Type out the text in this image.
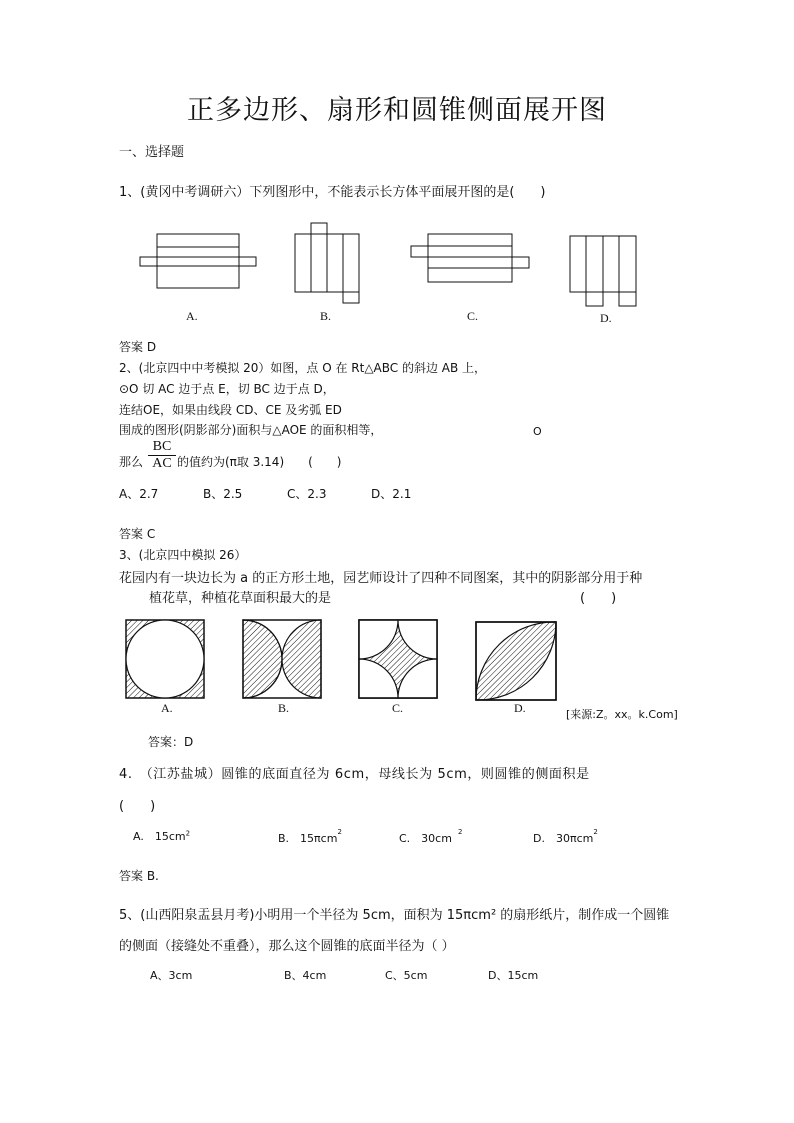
正多边形、扇形和圆锥侧面展开图
一、选择题
1、(黄冈中考调研六）下列图形中，不能表示长方体平面展开图的是(　　)
A.	B.	C.	D.
答案 D
2、(北京四中中考模拟 20）如图，点 O 在 Rt△ABC 的斜边 AB 上，
⊙O 切 AC 边于点 E，切 BC 边于点 D，
连结OE，如果由线段 CD、CE 及劣弧 ED
围成的图形(阴影部分)面积与△AOE 的面积相等，	O
那么 $\frac{BC}{AC}$ 的值约为(π取 3.14)　　(　　)
A、2.7	B、2.5	C、2.3	D、2.1
答案 C
3、(北京四中模拟 26）
花园内有一块边长为 a 的正方形土地，园艺师设计了四种不同图案，其中的阴影部分用于种
植花草，种植花草面积最大的是	(　　)
A.	B.	C.	D.	[来源:Z。xx。k.Com]
答案：D
4.　（江苏盐城）圆锥的底面直径为 6cm，母线长为 5cm，则圆锥的侧面积是
(　　)
A.　$15cm^2$	B.　15πcm$^2$	C.　30cm $^2$	D.　30πcm$^2$
答案 B.
5、(山西阳泉盂县月考)小明用一个半径为 5cm，面积为 15πcm² 的扇形纸片，制作成一个圆锥
的侧面（接缝处不重叠），那么这个圆锥的底面半径为（ ）
A、3cm	B、4cm	C、5cm	D、15cm
